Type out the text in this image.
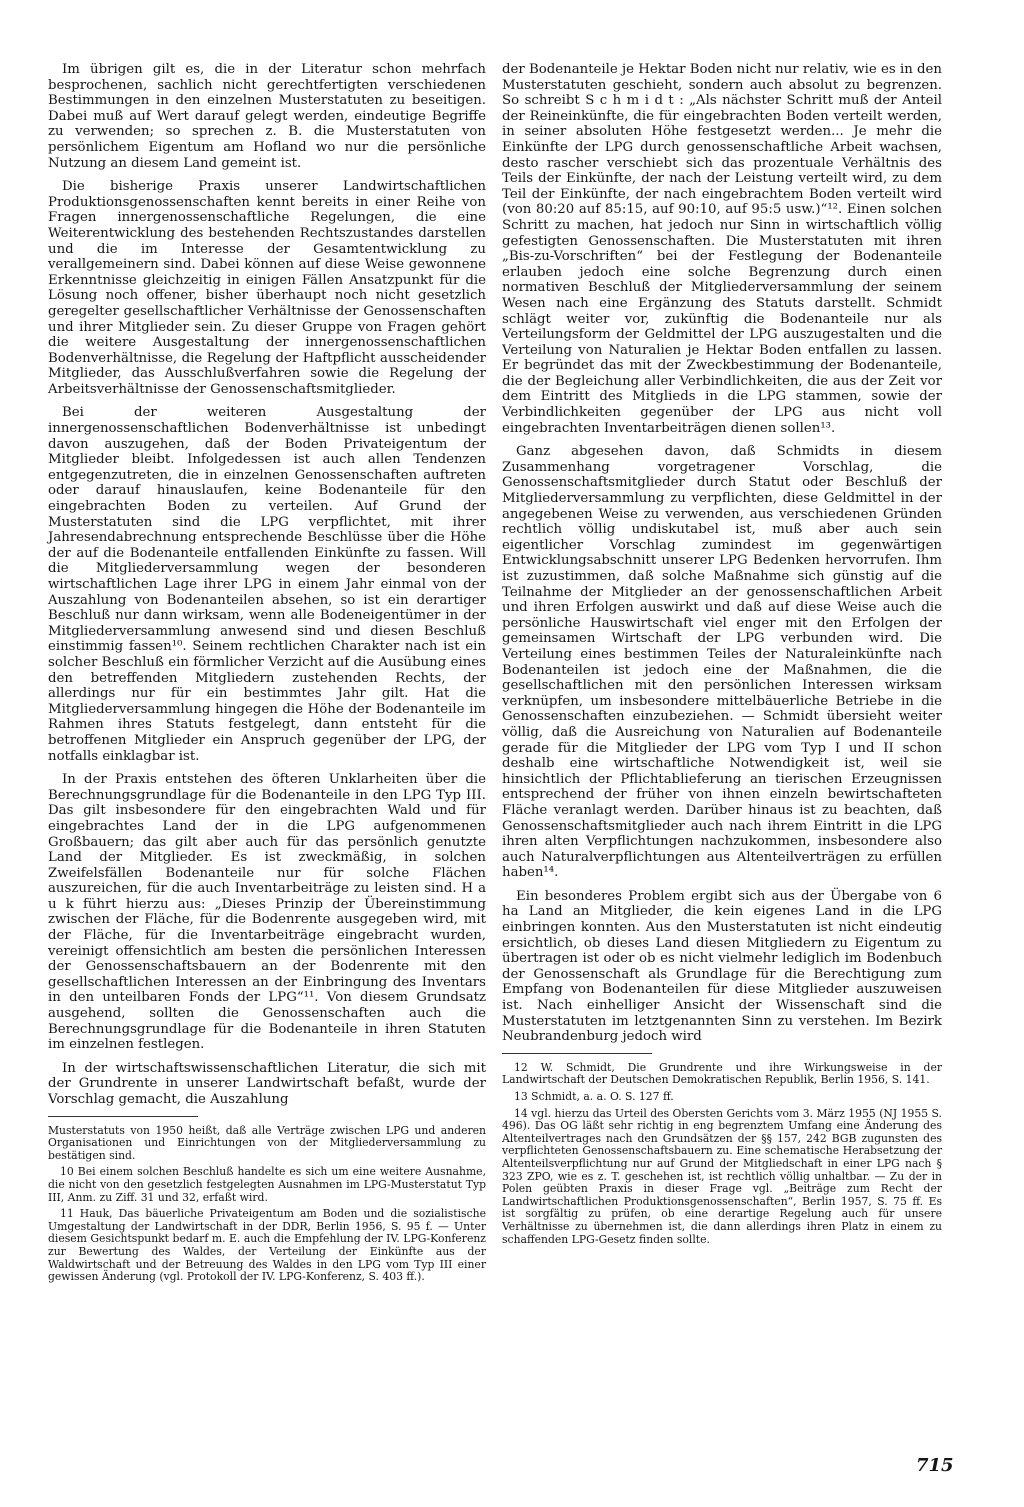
Im übrigen gilt es, die in der Literatur schon mehrfach besprochenen, sachlich nicht gerechtfertigten verschiedenen Bestimmungen in den einzelnen Musterstatuten zu beseitigen. Dabei muß auf Wert darauf gelegt werden, eindeutige Begriffe zu verwenden; so sprechen z. B. die Musterstatuten von persönlichem Eigentum am Hofland wo nur die persönliche Nutzung an diesem Land gemeint ist.

Die bisherige Praxis unserer Landwirtschaftlichen Produktionsgenossenschaften kennt bereits in einer Reihe von Fragen innergenossenschaftliche Regelungen, die eine Weiterentwicklung des bestehenden Rechtszustandes darstellen und die im Interesse der Gesamtentwicklung zu verallgemeinern sind. Dabei können auf diese Weise gewonnene Erkenntnisse gleichzeitig in einigen Fällen Ansatzpunkt für die Lösung noch offener, bisher überhaupt noch nicht gesetzlich geregelter gesellschaftlicher Verhältnisse der Genossenschaften und ihrer Mitglieder sein. Zu dieser Gruppe von Fragen gehört die weitere Ausgestaltung der innergenossenschaftlichen Bodenverhältnisse, die Regelung der Haftpflicht ausscheidender Mitglieder, das Ausschlußverfahren sowie die Regelung der Arbeitsverhältnisse der Genossenschaftsmitglieder.

Bei der weiteren Ausgestaltung der innergenossenschaftlichen Bodenverhältnisse ist unbedingt davon auszugehen, daß der Boden Privateigentum der Mitglieder bleibt. Infolgedessen ist auch allen Tendenzen entgegenzutreten, die in einzelnen Genossenschaften auftreten oder darauf hinauslaufen, keine Bodenanteile für den eingebrachten Boden zu verteilen. Auf Grund der Musterstatuten sind die LPG verpflichtet, mit ihrer Jahresendabrechnung entsprechende Beschlüsse über die Höhe der auf die Bodenanteile entfallenden Einkünfte zu fassen. Will die Mitgliederversammlung wegen der besonderen wirtschaftlichen Lage ihrer LPG in einem Jahr einmal von der Auszahlung von Bodenanteilen absehen, so ist ein derartiger Beschluß nur dann wirksam, wenn alle Bodeneigentümer in der Mitgliederversammlung anwesend sind und diesen Beschluß einstimmig fassen¹⁰. Seinem rechtlichen Charakter nach ist ein solcher Beschluß ein förmlicher Verzicht auf die Ausübung eines den betreffenden Mitgliedern zustehenden Rechts, der allerdings nur für ein bestimmtes Jahr gilt. Hat die Mitgliederversammlung hingegen die Höhe der Bodenanteile im Rahmen ihres Statuts festgelegt, dann entsteht für die betroffenen Mitglieder ein Anspruch gegenüber der LPG, der notfalls einklagbar ist.

In der Praxis entstehen des öfteren Unklarheiten über die Berechnungsgrundlage für die Bodenanteile in den LPG Typ III. Das gilt insbesondere für den eingebrachten Wald und für eingebrachtes Land der in die LPG aufgenommenen Großbauern; das gilt aber auch für das persönlich genutzte Land der Mitglieder. Es ist zweckmäßig, in solchen Zweifelsfällen Bodenanteile nur für solche Flächen auszureichen, für die auch Inventarbeiträge zu leisten sind. H a u k führt hierzu aus: „Dieses Prinzip der Übereinstimmung zwischen der Fläche, für die Bodenrente ausgegeben wird, mit der Fläche, für die Inventarbeiträge eingebracht wurden, vereinigt offensichtlich am besten die persönlichen Interessen der Genossenschaftsbauern an der Bodenrente mit den gesellschaftlichen Interessen an der Einbringung des Inventars in den unteilbaren Fonds der LPG“¹¹. Von diesem Grundsatz ausgehend, sollten die Genossenschaften auch die Berechnungsgrundlage für die Bodenanteile in ihren Statuten im einzelnen festlegen.

In der wirtschaftswissenschaftlichen Literatur, die sich mit der Grundrente in unserer Landwirtschaft befaßt, wurde der Vorschlag gemacht, die Auszahlung

Musterstatuts von 1950 heißt, daß alle Verträge zwischen LPG und anderen Organisationen und Einrichtungen von der Mitgliederversammlung zu bestätigen sind.

10 Bei einem solchen Beschluß handelte es sich um eine weitere Ausnahme, die nicht von den gesetzlich festgelegten Ausnahmen im LPG-Musterstatut Typ III, Anm. zu Ziff. 31 und 32, erfaßt wird.

11 Hauk, Das bäuerliche Privateigentum am Boden und die sozialistische Umgestaltung der Landwirtschaft in der DDR, Berlin 1956, S. 95 f. — Unter diesem Gesichtspunkt bedarf m. E. auch die Empfehlung der IV. LPG-Konferenz zur Bewertung des Waldes, der Verteilung der Einkünfte aus der Waldwirtschaft und der Betreuung des Waldes in den LPG vom Typ III einer gewissen Änderung (vgl. Protokoll der IV. LPG-Konferenz, S. 403 ff.).

der Bodenanteile je Hektar Boden nicht nur relativ, wie es in den Musterstatuten geschieht, sondern auch absolut zu begrenzen. So schreibt S c h m i d t : „Als nächster Schritt muß der Anteil der Reineinkünfte, die für eingebrachten Boden verteilt werden, in seiner absoluten Höhe festgesetzt werden... Je mehr die Einkünfte der LPG durch genossenschaftliche Arbeit wachsen, desto rascher verschiebt sich das prozentuale Verhältnis des Teils der Einkünfte, der nach der Leistung verteilt wird, zu dem Teil der Einkünfte, der nach eingebrachtem Boden verteilt wird (von 80:20 auf 85:15, auf 90:10, auf 95:5 usw.)“¹². Einen solchen Schritt zu machen, hat jedoch nur Sinn in wirtschaftlich völlig gefestigten Genossenschaften. Die Musterstatuten mit ihren „Bis-zu-Vorschriften“ bei der Festlegung der Bodenanteile erlauben jedoch eine solche Begrenzung durch einen normativen Beschluß der Mitgliederversammlung der seinem Wesen nach eine Ergänzung des Statuts darstellt. Schmidt schlägt weiter vor, zukünftig die Bodenanteile nur als Verteilungsform der Geldmittel der LPG auszugestalten und die Verteilung von Naturalien je Hektar Boden entfallen zu lassen. Er begründet das mit der Zweckbestimmung der Bodenanteile, die der Begleichung aller Verbindlichkeiten, die aus der Zeit vor dem Eintritt des Mitglieds in die LPG stammen, sowie der Verbindlichkeiten gegenüber der LPG aus nicht voll eingebrachten Inventarbeiträgen dienen sollen¹³.

Ganz abgesehen davon, daß Schmidts in diesem Zusammenhang vorgetragener Vorschlag, die Genossenschaftsmitglieder durch Statut oder Beschluß der Mitgliederversammlung zu verpflichten, diese Geldmittel in der angegebenen Weise zu verwenden, aus verschiedenen Gründen rechtlich völlig undiskutabel ist, muß aber auch sein eigentlicher Vorschlag zumindest im gegenwärtigen Entwicklungsabschnitt unserer LPG Bedenken hervorrufen. Ihm ist zuzustimmen, daß solche Maßnahme sich günstig auf die Teilnahme der Mitglieder an der genossenschaftlichen Arbeit und ihren Erfolgen auswirkt und daß auf diese Weise auch die persönliche Hauswirtschaft viel enger mit den Erfolgen der gemeinsamen Wirtschaft der LPG verbunden wird. Die Verteilung eines bestimmen Teiles der Naturaleinkünfte nach Bodenanteilen ist jedoch eine der Maßnahmen, die die gesellschaftlichen mit den persönlichen Interessen wirksam verknüpfen, um insbesondere mittelbäuerliche Betriebe in die Genossenschaften einzubeziehen. — Schmidt übersieht weiter völlig, daß die Ausreichung von Naturalien auf Bodenanteile gerade für die Mitglieder der LPG vom Typ I und II schon deshalb eine wirtschaftliche Notwendigkeit ist, weil sie hinsichtlich der Pflichtablieferung an tierischen Erzeugnissen entsprechend der früher von ihnen einzeln bewirtschafteten Fläche veranlagt werden. Darüber hinaus ist zu beachten, daß Genossenschaftsmitglieder auch nach ihrem Eintritt in die LPG ihren alten Verpflichtungen nachzukommen, insbesondere also auch Naturalverpflichtungen aus Altenteilverträgen zu erfüllen haben¹⁴.

Ein besonderes Problem ergibt sich aus der Übergabe von 6 ha Land an Mitglieder, die kein eigenes Land in die LPG einbringen konnten. Aus den Musterstatuten ist nicht eindeutig ersichtlich, ob dieses Land diesen Mitgliedern zu Eigentum zu übertragen ist oder ob es nicht vielmehr lediglich im Bodenbuch der Genossenschaft als Grundlage für die Berechtigung zum Empfang von Bodenanteilen für diese Mitglieder auszuweisen ist. Nach einhelliger Ansicht der Wissenschaft sind die Musterstatuten im letztgenannten Sinn zu verstehen. Im Bezirk Neubrandenburg jedoch wird

12 W. Schmidt, Die Grundrente und ihre Wirkungsweise in der Landwirtschaft der Deutschen Demokratischen Republik, Berlin 1956, S. 141.

13 Schmidt, a. a. O. S. 127 ff.

14 vgl. hierzu das Urteil des Obersten Gerichts vom 3. März 1955 (NJ 1955 S. 496). Das OG läßt sehr richtig in eng begrenztem Umfang eine Änderung des Altenteilvertrages nach den Grundsätzen der §§ 157, 242 BGB zugunsten des verpflichteten Genossenschaftsbauern zu. Eine schematische Herabsetzung der Altenteilsverpflichtung nur auf Grund der Mitgliedschaft in einer LPG nach § 323 ZPO, wie es z. T. geschehen ist, ist rechtlich völlig unhaltbar. — Zu der in Polen geübten Praxis in dieser Frage vgl. „Beiträge zum Recht der Landwirtschaftlichen Produktionsgenossenschaften“, Berlin 1957, S. 75 ff. Es ist sorgfältig zu prüfen, ob eine derartige Regelung auch für unsere Verhältnisse zu übernehmen ist, die dann allerdings ihren Platz in einem zu schaffenden LPG-Gesetz finden sollte.

715
